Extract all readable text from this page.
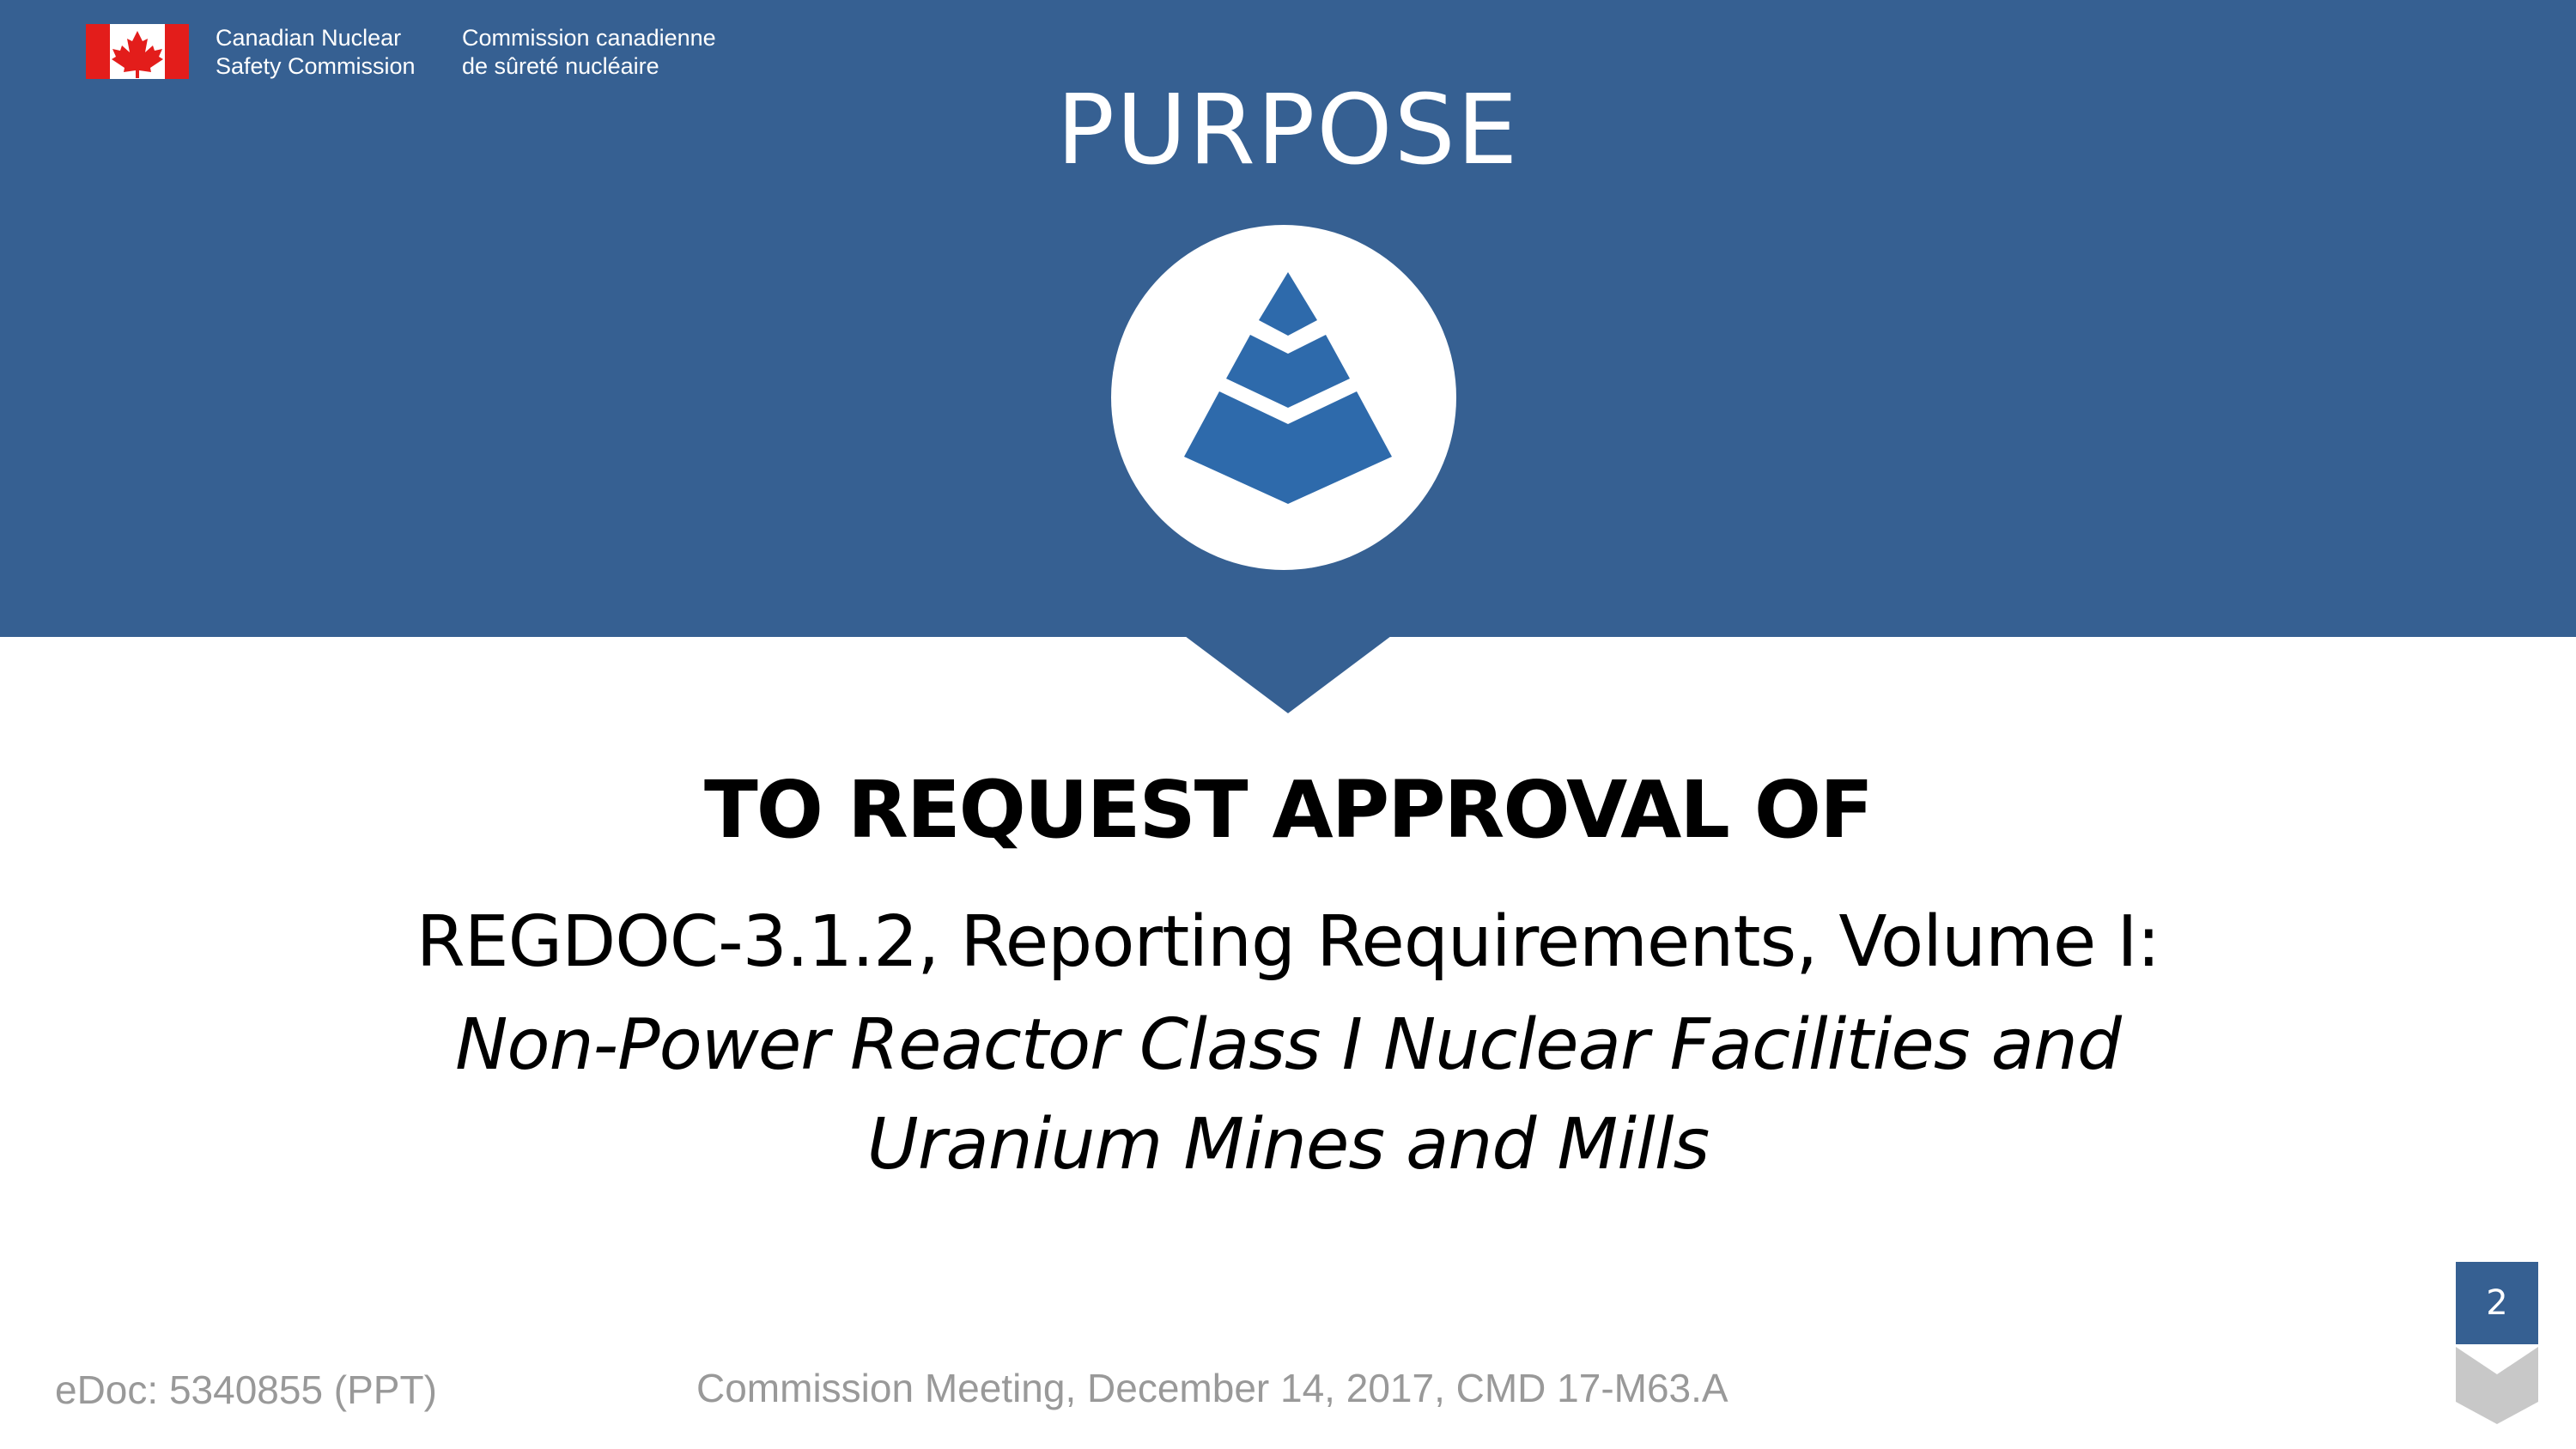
Canadian Nuclear
Safety Commission
Commission canadienne
de sûreté nucléaire
PURPOSE
TO REQUEST APPROVAL OF
REGDOC-3.1.2, Reporting Requirements, Volume I:
Non-Power Reactor Class I Nuclear Facilities and
Uranium Mines and Mills
2
eDoc: 5340855 (PPT)	Commission Meeting, December 14, 2017, CMD 17-M63.A
